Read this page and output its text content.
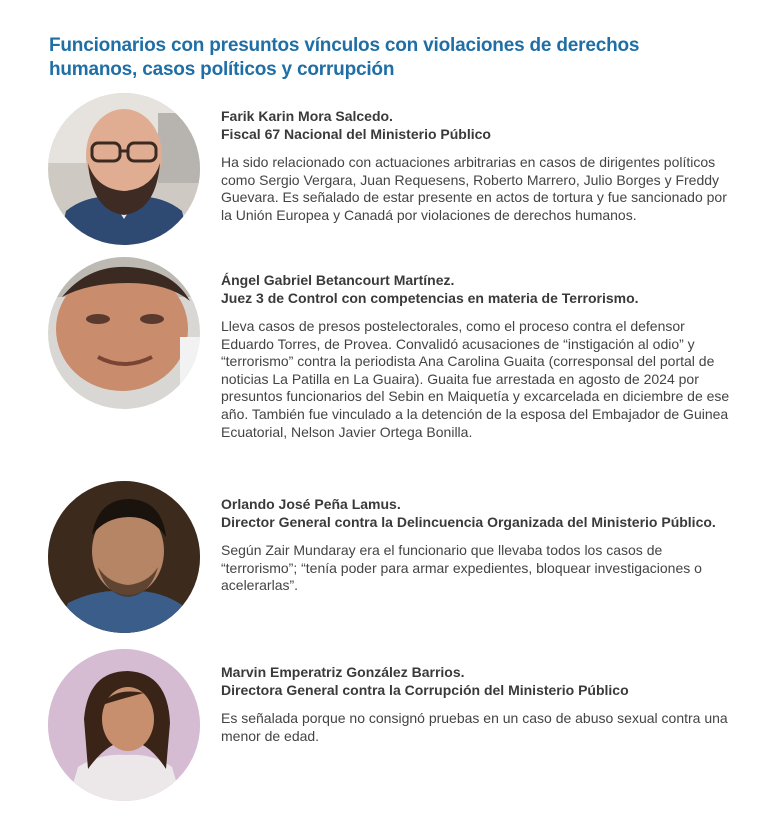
Funcionarios con presuntos vínculos con violaciones de derechos humanos, casos políticos y corrupción

Farik Karin Mora Salcedo.

Fiscal 67 Nacional del Ministerio Público

Ha sido relacionado con actuaciones arbitrarias en casos de dirigentes políticos como Sergio Vergara, Juan Requesens, Roberto Marrero, Julio Borges y Freddy Guevara. Es señalado de estar presente en actos de tortura y fue sancionado por la Unión Europea y Canadá por violaciones de derechos humanos.

Ángel Gabriel Betancourt Martínez.

Juez 3 de Control con competencias en materia de Terrorismo.

Lleva casos de presos postelectorales, como el proceso contra el defensor Eduardo Torres, de Provea. Convalidó acusaciones de “instigación al odio” y “terrorismo” contra la periodista Ana Carolina Guaita (corresponsal del portal de noticias La Patilla en La Guaira). Guaita fue arrestada en agosto de 2024 por presuntos funcionarios del Sebin en Maiquetía y excarcelada en diciembre de ese año. También fue vinculado a la detención de la esposa del Embajador de Guinea Ecuatorial, Nelson Javier Ortega Bonilla.

Orlando José Peña Lamus.

Director General contra la Delincuencia Organizada del Ministerio Público.

Según Zair Mundaray era el funcionario que llevaba todos los casos de “terrorismo”; “tenía poder para armar expedientes, bloquear investigaciones o acelerarlas”.

Marvin Emperatriz González Barrios.

Directora General contra la Corrupción del Ministerio Público

Es señalada porque no consignó pruebas en un caso de abuso sexual contra una menor de edad.
